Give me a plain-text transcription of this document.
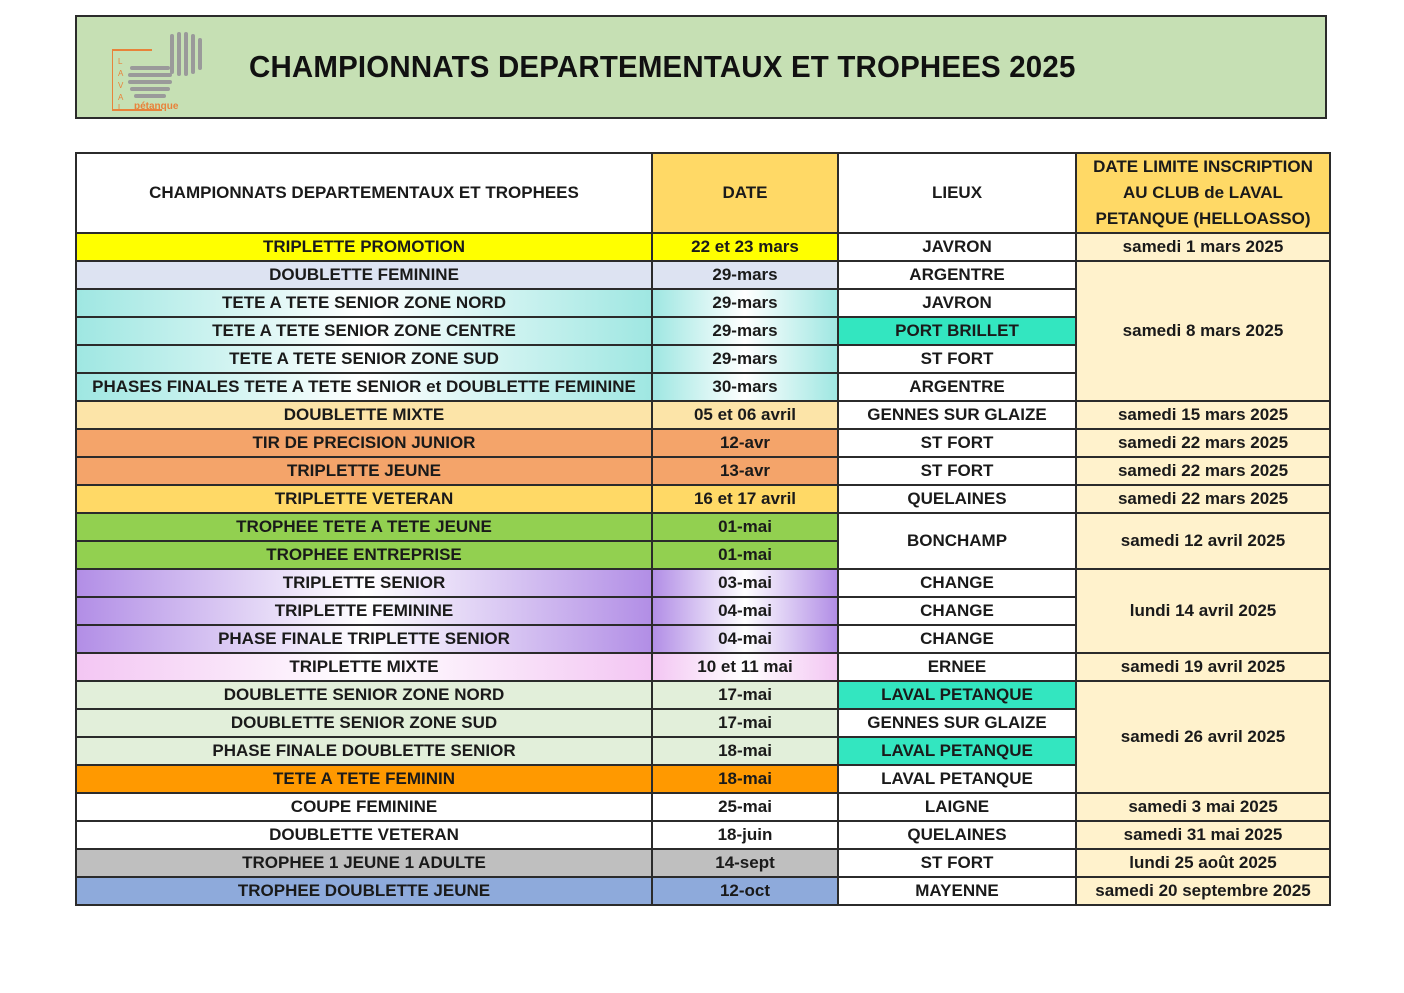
L
A
V
A
L pétanque
CHAMPIONNATS DEPARTEMENTAUX ET TROPHEES 2025
CHAMPIONNATS DEPARTEMENTAUX ET TROPHEES	DATE	LIEUX	DATE LIMITE INSCRIPTION AU CLUB de LAVAL PETANQUE (HELLOASSO)
TRIPLETTE PROMOTION	22 et 23 mars	JAVRON	samedi 1 mars 2025
DOUBLETTE FEMININE	29-mars	ARGENTRE	samedi 8 mars 2025
TETE A TETE SENIOR ZONE NORD	29-mars	JAVRON	
TETE A TETE SENIOR ZONE CENTRE	29-mars	PORT BRILLET	
TETE A TETE SENIOR ZONE SUD	29-mars	ST FORT	
PHASES FINALES TETE A TETE SENIOR et DOUBLETTE FEMININE	30-mars	ARGENTRE	
DOUBLETTE MIXTE	05 et 06 avril	GENNES SUR GLAIZE	samedi 15 mars 2025
TIR DE PRECISION JUNIOR	12-avr	ST FORT	samedi 22 mars 2025
TRIPLETTE JEUNE	13-avr	ST FORT	samedi 22 mars 2025
TRIPLETTE VETERAN	16 et 17 avril	QUELAINES	samedi 22 mars 2025
TROPHEE TETE A TETE JEUNE	01-mai	BONCHAMP	samedi 12 avril 2025
TROPHEE ENTREPRISE	01-mai		
TRIPLETTE SENIOR	03-mai	CHANGE	lundi 14 avril 2025
TRIPLETTE FEMININE	04-mai	CHANGE	
PHASE FINALE TRIPLETTE SENIOR	04-mai	CHANGE	
TRIPLETTE MIXTE	10 et 11 mai	ERNEE	samedi 19 avril 2025
DOUBLETTE SENIOR ZONE NORD	17-mai	LAVAL PETANQUE	samedi 26 avril 2025
DOUBLETTE SENIOR ZONE SUD	17-mai	GENNES SUR GLAIZE	
PHASE FINALE DOUBLETTE SENIOR	18-mai	LAVAL PETANQUE	
TETE A TETE FEMININ	18-mai	LAVAL PETANQUE	
COUPE FEMININE	25-mai	LAIGNE	samedi 3 mai 2025
DOUBLETTE VETERAN	18-juin	QUELAINES	samedi 31 mai 2025
TROPHEE 1 JEUNE 1 ADULTE	14-sept	ST FORT	lundi 25 août 2025
TROPHEE DOUBLETTE JEUNE	12-oct	MAYENNE	samedi 20 septembre 2025
